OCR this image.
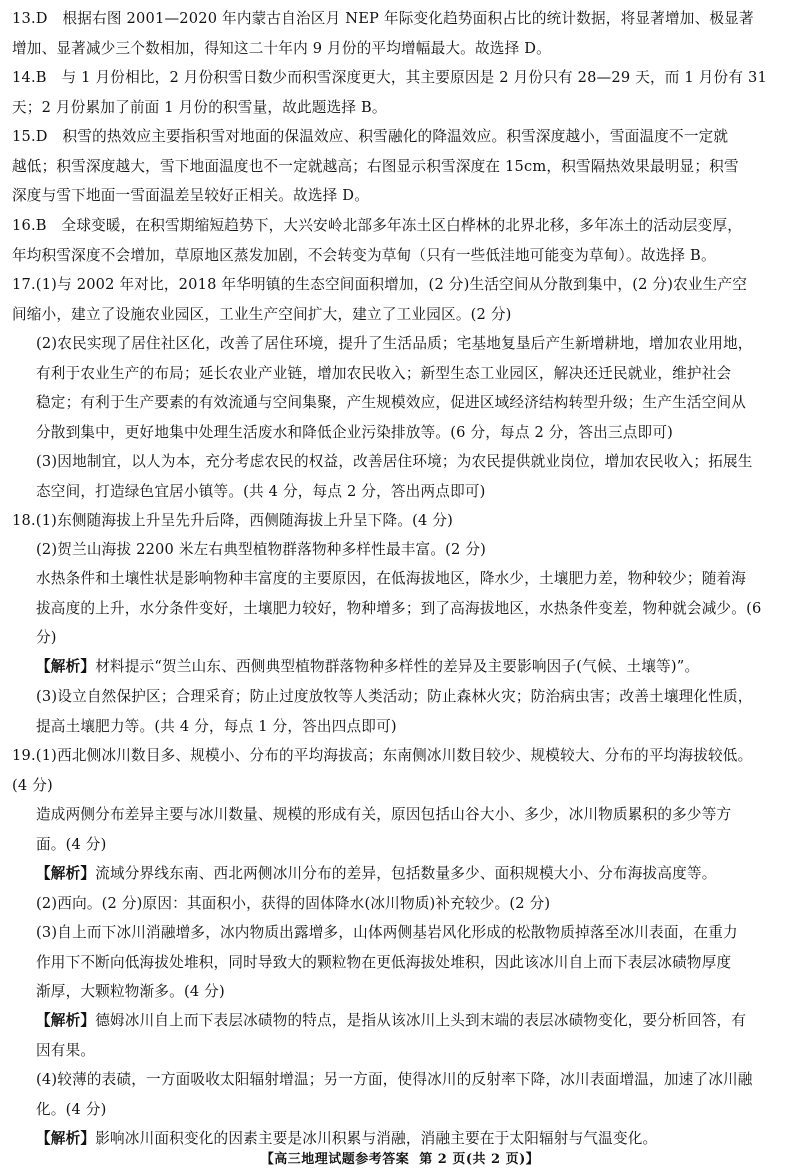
13.D　根据右图 2001—2020 年内蒙古自治区月 NEP 年际变化趋势面积占比的统计数据，将显著增加、极显著
增加、显著减少三个数相加，得知这二十年内 9 月份的平均增幅最大。故选择 D。
14.B　与 1 月份相比，2 月份积雪日数少而积雪深度更大，其主要原因是 2 月份只有 28—29 天，而 1 月份有 31
天；2 月份累加了前面 1 月份的积雪量，故此题选择 B。
15.D　积雪的热效应主要指积雪对地面的保温效应、积雪融化的降温效应。积雪深度越小，雪面温度不一定就
越低；积雪深度越大，雪下地面温度也不一定就越高；右图显示积雪深度在 15cm，积雪隔热效果最明显；积雪
深度与雪下地面一雪面温差呈较好正相关。故选择 D。
16.B　全球变暖，在积雪期缩短趋势下，大兴安岭北部多年冻土区白桦林的北界北移，多年冻土的活动层变厚，
年均积雪深度不会增加，草原地区蒸发加剧，不会转变为草甸（只有一些低洼地可能变为草甸）。故选择 B。
17.(1)与 2002 年对比，2018 年华明镇的生态空间面积增加，(2 分)生活空间从分散到集中，(2 分)农业生产空
间缩小，建立了设施农业园区，工业生产空间扩大，建立了工业园区。(2 分)
(2)农民实现了居住社区化，改善了居住环境，提升了生活品质；宅基地复垦后产生新增耕地，增加农业用地，
有利于农业生产的布局；延长农业产业链，增加农民收入；新型生态工业园区，解决还迁民就业，维护社会
稳定；有利于生产要素的有效流通与空间集聚，产生规模效应，促进区域经济结构转型升级；生产生活空间从
分散到集中，更好地集中处理生活废水和降低企业污染排放等。(6 分，每点 2 分，答出三点即可)
(3)因地制宜，以人为本，充分考虑农民的权益，改善居住环境；为农民提供就业岗位，增加农民收入；拓展生
态空间，打造绿色宜居小镇等。(共 4 分，每点 2 分，答出两点即可)
18.(1)东侧随海拔上升呈先升后降，西侧随海拔上升呈下降。(4 分)
(2)贺兰山海拔 2200 米左右典型植物群落物种多样性最丰富。(2 分)
水热条件和土壤性状是影响物种丰富度的主要原因，在低海拔地区，降水少，土壤肥力差，物种较少；随着海
拔高度的上升，水分条件变好，土壤肥力较好，物种增多；到了高海拔地区，水热条件变差，物种就会减少。(6
分)
【解析】材料提示“贺兰山东、西侧典型植物群落物种多样性的差异及主要影响因子(气候、土壤等)”。
(3)设立自然保护区；合理采育；防止过度放牧等人类活动；防止森林火灾；防治病虫害；改善土壤理化性质，
提高土壤肥力等。(共 4 分，每点 1 分，答出四点即可)
19.(1)西北侧冰川数目多、规模小、分布的平均海拔高；东南侧冰川数目较少、规模较大、分布的平均海拔较低。
(4 分)
造成两侧分布差异主要与冰川数量、规模的形成有关，原因包括山谷大小、多少，冰川物质累积的多少等方
面。(4 分)
【解析】流域分界线东南、西北两侧冰川分布的差异，包括数量多少、面积规模大小、分布海拔高度等。
(2)西向。(2 分)原因：其面积小，获得的固体降水(冰川物质)补充较少。(2 分)
(3)自上而下冰川消融增多，冰内物质出露增多，山体两侧基岩风化形成的松散物质掉落至冰川表面，在重力
作用下不断向低海拔处堆积，同时导致大的颗粒物在更低海拔处堆积，因此该冰川自上而下表层冰碛物厚度
渐厚，大颗粒物渐多。(4 分)
【解析】德姆冰川自上而下表层冰碛物的特点，是指从该冰川上头到末端的表层冰碛物变化，要分析回答，有
因有果。
(4)较薄的表碛，一方面吸收太阳辐射增温；另一方面，使得冰川的反射率下降，冰川表面增温，加速了冰川融
化。(4 分)
【解析】影响冰川面积变化的因素主要是冰川积累与消融，消融主要在于太阳辐射与气温变化。
【高三地理试题参考答案 第 2 页(共 2 页)】
